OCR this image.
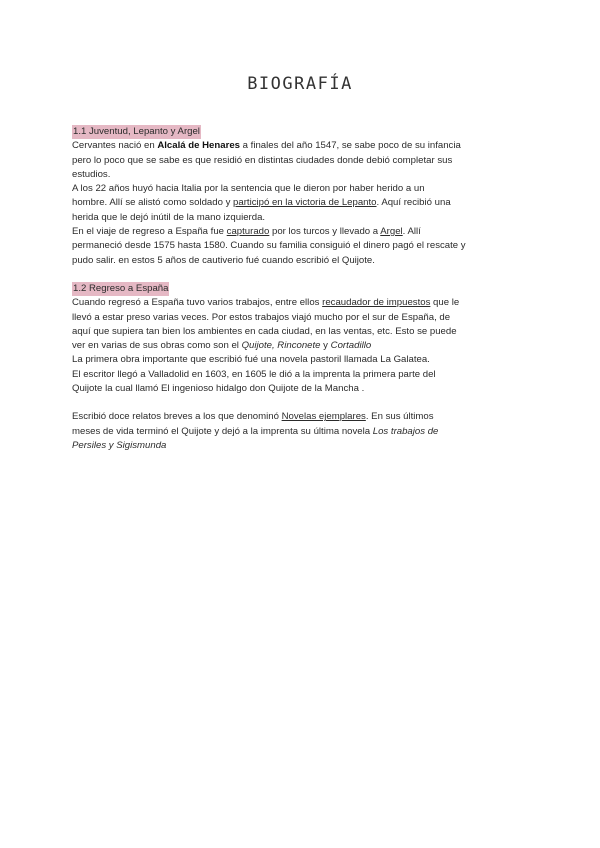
BIOGRAFÍA
1.1 Juventud, Lepanto y Argel
Cervantes nació en Alcalá de Henares a finales del año 1547, se sabe poco de su infancia
pero lo poco que se sabe es que residió en distintas ciudades donde debió completar sus
estudios.
A los 22 años huyó hacia Italia por la sentencia que le dieron por haber herido a un
hombre. Allí se alistó como soldado y participó en la victoria de Lepanto. Aquí recibió una
herida que le dejó inútil de la mano izquierda.
En el viaje de regreso a España fue capturado por los turcos y llevado a Argel. Allí
permaneció desde 1575 hasta 1580. Cuando su familia consiguió el dinero pagó el rescate y
pudo salir. en estos 5 años de cautiverio fué cuando escribió el Quijote.
1.2 Regreso a España
Cuando regresó a España tuvo varios trabajos, entre ellos recaudador de impuestos que le
llevó a estar preso varias veces. Por estos trabajos viajó mucho por el sur de España, de
aquí que supiera tan bien los ambientes en cada ciudad, en las ventas, etc. Esto se puede
ver en varias de sus obras como son el Quijote, Rinconete y Cortadillo
La primera obra importante que escribió fué una novela pastoril llamada La Galatea.
El escritor llegó a Valladolid en 1603, en 1605 le dió a la imprenta la primera parte del
Quijote la cual llamó El ingenioso hidalgo don Quijote de la Mancha .
Escribió doce relatos breves a los que denominó Novelas ejemplares. En sus últimos
meses de vida terminó el Quijote y dejó a la imprenta su última novela Los trabajos de
Persiles y Sigismunda
